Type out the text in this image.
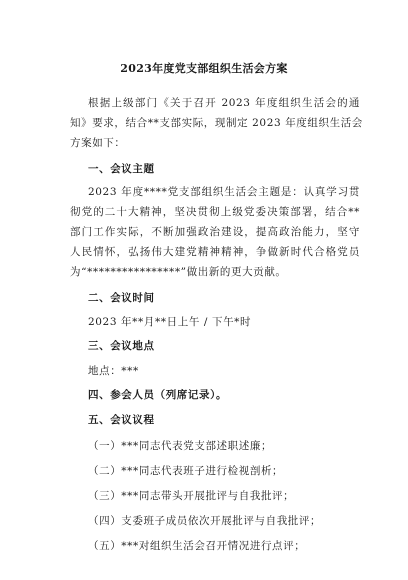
2023年度党支部组织生活会方案
根据上级部门《关于召开 2023 年度组织生活会的通
知》要求，结合**支部实际，现制定 2023 年度组织生活会
方案如下：
一、会议主题
2023 年度****党支部组织生活会主题是：认真学习贯
彻党的二十大精神，坚决贯彻上级党委决策部署，结合**
部门工作实际，不断加强政治建设，提高政治能力，坚守
人民情怀，弘扬伟大建党精神精神，争做新时代合格党员
为“****************”做出新的更大贡献。
二、会议时间
2023 年**月**日上午 / 下午*时
三、会议地点
地点：***
四、参会人员（列席记录）。
五、会议议程
（一）***同志代表党支部述职述廉；
（二）***同志代表班子进行检视剖析；
（三）***同志带头开展批评与自我批评；
（四）支委班子成员依次开展批评与自我批评；
（五）***对组织生活会召开情况进行点评；
